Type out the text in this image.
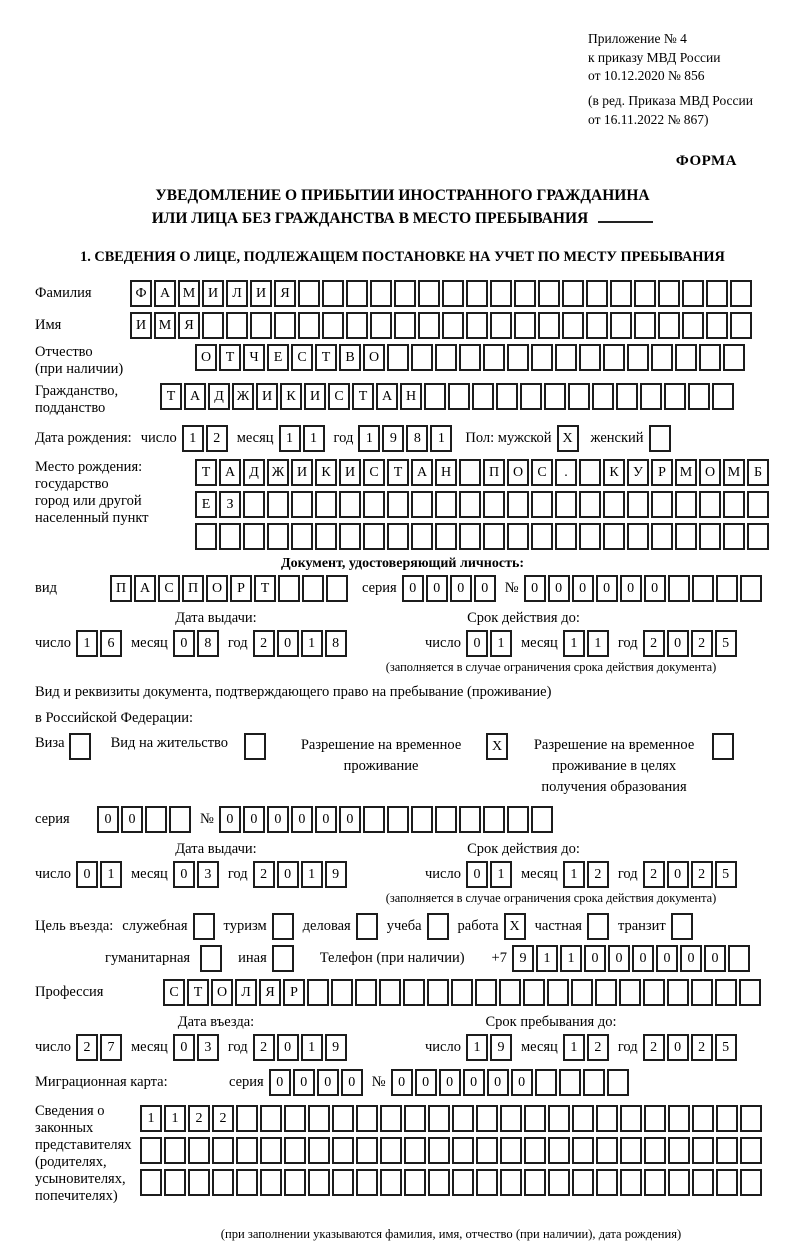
Приложение № 4
к приказу МВД России
от 10.12.2020 № 856
(в ред. Приказа МВД России
от 16.11.2022 № 867)
ФОРМА
УВЕДОМЛЕНИЕ О ПРИБЫТИИ ИНОСТРАННОГО ГРАЖДАНИНА
ИЛИ ЛИЦА БЕЗ ГРАЖДАНСТВА В МЕСТО ПРЕБЫВАНИЯ
1. СВЕДЕНИЯ О ЛИЦЕ, ПОДЛЕЖАЩЕМ ПОСТАНОВКЕ НА УЧЕТ ПО МЕСТУ ПРЕБЫВАНИЯ
Фамилия	Ф А М И	Л	И	Я
Имя	И М Я
Отчество
(при наличии)
О	Т	Ч	Е	С	Т	В	О
Гражданство,
подданство
Т	А	Д Ж И	К	И	С	Т	А Н
Дата рождения: число 1	2	месяц 1	1	год 1	9	8	1	Пол: мужской X	женский
Место рождения:
государство
город или другой
населенный пункт
Т	А	Д Ж И	К	И	С	Т	А Н	П О	С	.	К	У	Р М О М Б
Е	З
Документ, удостоверяющий личность:
вид	П А	С	П О	Р	Т	серия 0	0	0	0	№ 0	0	0	0	0	0
Дата выдачи:
число 1	6	месяц 0	8	год 2	0	1	8
Срок действия до:
число 0	1	месяц 1	1	год 2	0	2	5
(заполняется в случае ограничения срока действия документа)
Вид и реквизиты документа, подтверждающего право на пребывание (проживание)
в Российской Федерации:
Виза	Вид на жительство	Разрешение на временное
проживание
X	Разрешение на временное
проживание в целях
получения образования
серия	0	0	№ 0	0	0	0	0	0
Дата выдачи:
число 0	1	месяц 0	3	год 2	0	1	9
Срок действия до:
число 0	1	месяц 1	2	год 2	0	2	5
(заполняется в случае ограничения срока действия документа)
Цель въезда: служебная туризм деловая учеба работа X	частная транзит
гуманитарная	иная	Телефон (при наличии) +7 9	1	1	0	0	0	0	0	0
Профессия	С	Т	О	Л	Я	Р
Дата въезда:
число 2	7	месяц 0	3	год 2	0	1	9
Срок пребывания до:
число 1	9	месяц 1	2	год 2	0	2	5
Миграционная карта:	серия 0	0	0	0	№ 0	0	0	0	0	0
Сведения о
законных
представителях
(родителях,
усыновителях,
попечителях)
1	1	2	2
(при заполнении указываются фамилия, имя, отчество (при наличии), дата рождения)
